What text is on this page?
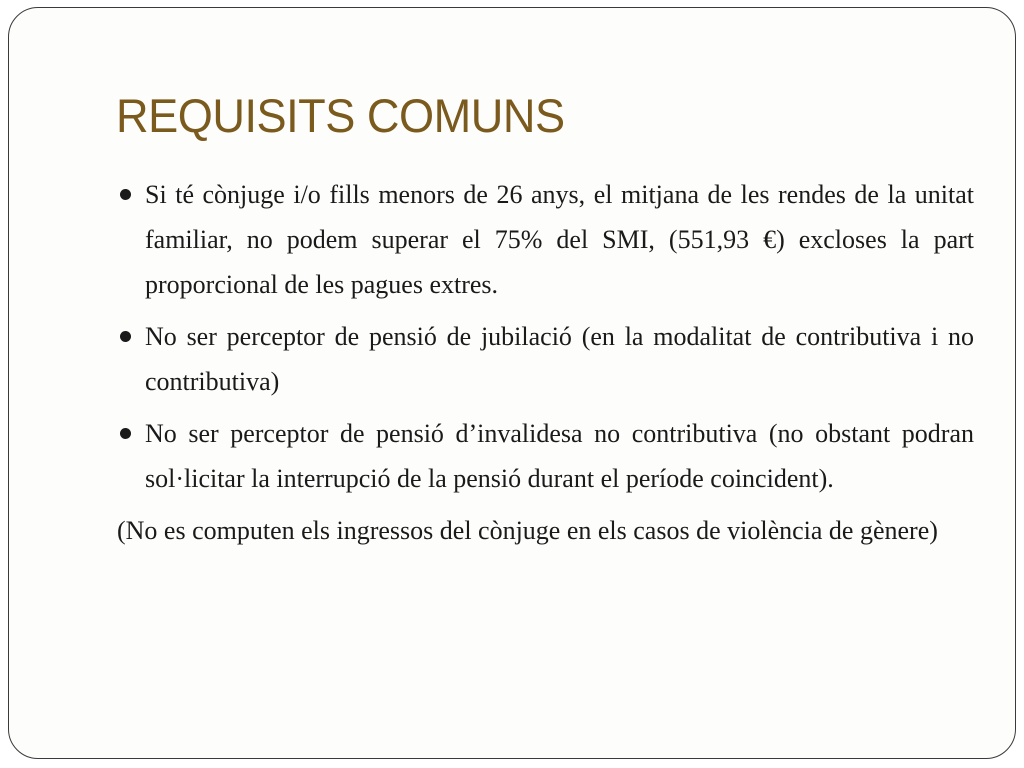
REQUISITS COMUNS
Si té cònjuge i/o fills menors de 26 anys, el mitjana de les rendes de la unitat familiar, no podem superar el 75% del SMI, (551,93 €) excloses la part proporcional de les pagues extres.
No ser perceptor de pensió de jubilació (en la modalitat de contributiva i no contributiva)
No ser perceptor de pensió d’invalidesa no contributiva (no obstant podran sol·licitar la interrupció de la pensió durant el període coincident).
(No es computen els ingressos del cònjuge en els casos de violència de gènere)
